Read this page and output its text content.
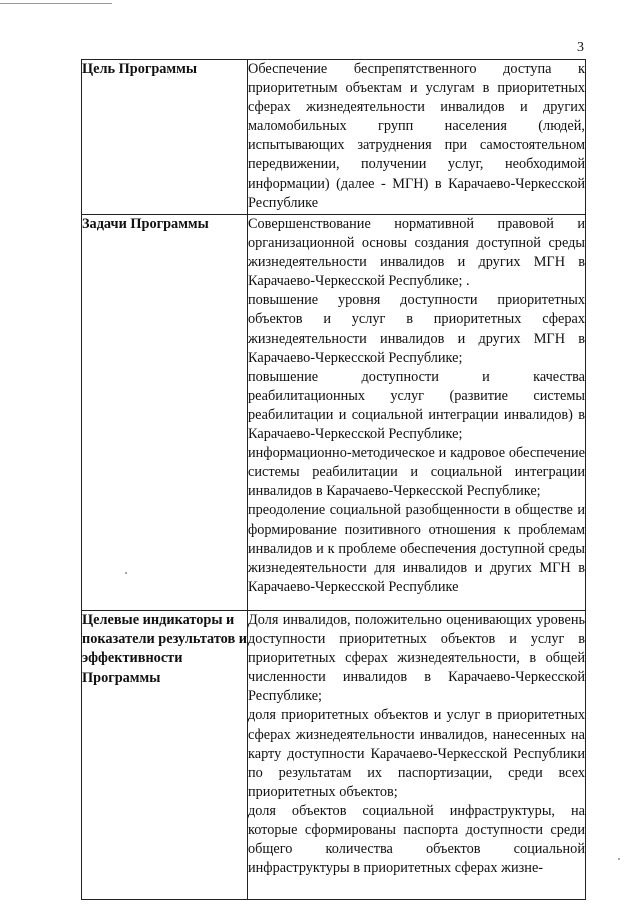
3
Цель Программы	Обеспечение беспрепятственного доступа к приоритетным объектам и услугам в приоритетных сферах жизнедеятельности инвалидов и других маломобильных групп населения (людей, испытывающих затруднения при самостоятельном передвижении, получении услуг, необходимой информации) (далее - МГН) в Карачаево-Черкесской Республике

Задачи Программы	Совершенствование нормативной правовой и организационной основы создания доступной среды жизнедеятельности инвалидов и других МГН в Карачаево-Черкесской Республике; .
повышение уровня доступности приоритетных объектов и услуг в приоритетных сферах жизнедеятельности инвалидов и других МГН в Карачаево-Черкесской Республике;
повышение доступности и качества реабилитационных услуг (развитие системы реабилитации и социальной интеграции инвалидов) в Карачаево-Черкесской Республике;
информационно-методическое и кадровое обеспечение системы реабилитации и социальной интеграции инвалидов в Карачаево-Черкесской Республике;
преодоление социальной разобщенности в обществе и формирование позитивного отношения к проблемам инвалидов и к проблеме обеспечения доступной среды жизнедеятельности для инвалидов и других МГН в Карачаево-Черкесской Республике

Целевые индикаторы и показатели результатов и эффективности Программы	Доля инвалидов, положительно оценивающих уровень доступности приоритетных объектов и услуг в приоритетных сферах жизнедеятельности, в общей численности инвалидов в Карачаево-Черкесской Республике;
доля приоритетных объектов и услуг в приоритетных сферах жизнедеятельности инвалидов, нанесенных на карту доступности Карачаево-Черкесской Республики по результатам их паспортизации, среди всех приоритетных объектов;
доля объектов социальной инфраструктуры, на которые сформированы паспорта доступности среди общего количества объектов социальной инфраструктуры в приоритетных сферах жизне-
